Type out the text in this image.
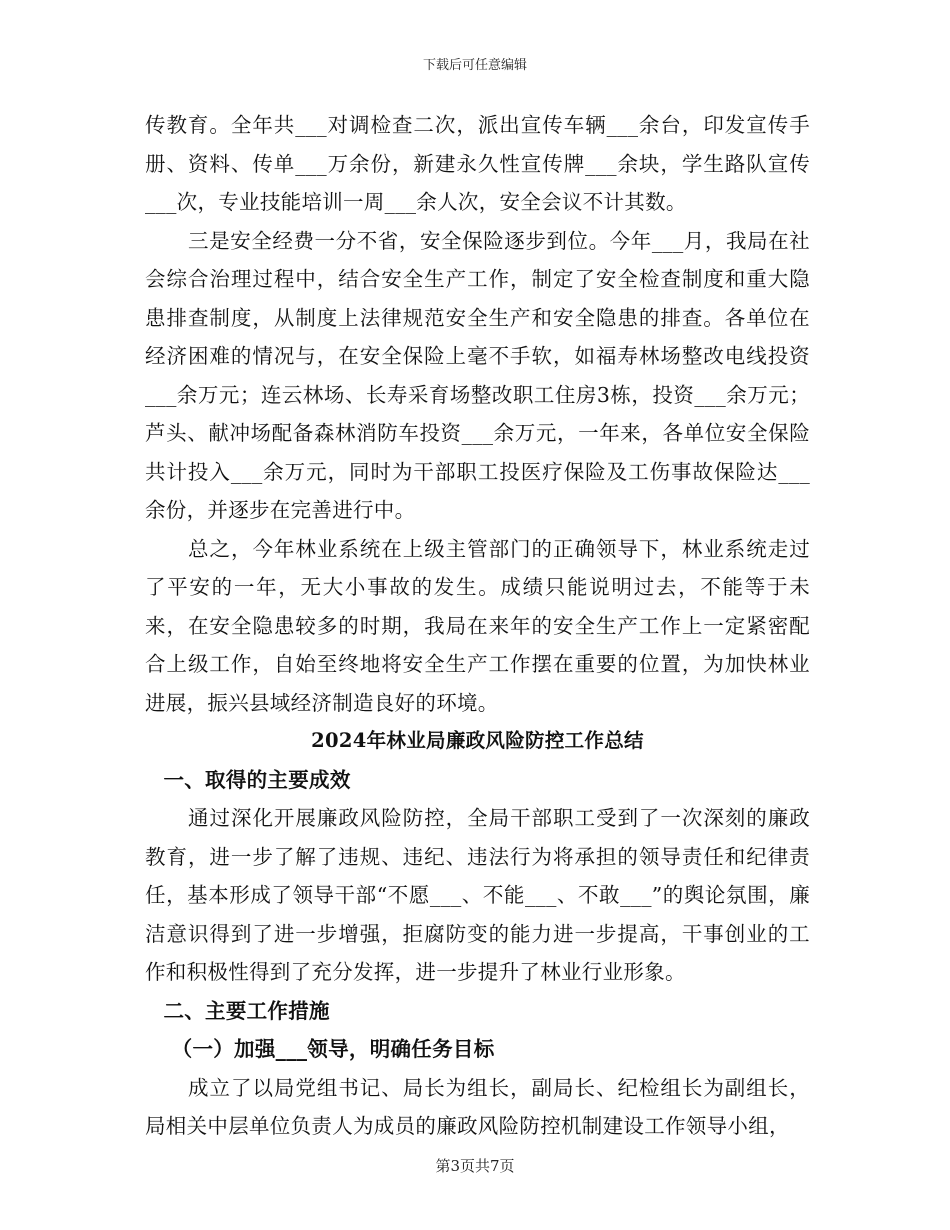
下载后可任意编辑

传教育。全年共___对调检查二次，派出宣传车辆___余台，印发宣传手册、资料、传单___万余份，新建永久性宣传牌___余块，学生路队宣传___次，专业技能培训一周___余人次，安全会议不计其数。

三是安全经费一分不省，安全保险逐步到位。今年___月，我局在社会综合治理过程中，结合安全生产工作，制定了安全检查制度和重大隐患排查制度，从制度上法律规范安全生产和安全隐患的排查。各单位在经济困难的情况与，在安全保险上毫不手软，如福寿林场整改电线投资___余万元；连云林场、长寿采育场整改职工住房3栋，投资___余万元；芦头、献冲场配备森林消防车投资___余万元，一年来，各单位安全保险共计投入___余万元，同时为干部职工投医疗保险及工伤事故保险达___余份，并逐步在完善进行中。

总之，今年林业系统在上级主管部门的正确领导下，林业系统走过了平安的一年，无大小事故的发生。成绩只能说明过去，不能等于未来，在安全隐患较多的时期，我局在来年的安全生产工作上一定紧密配合上级工作，自始至终地将安全生产工作摆在重要的位置，为加快林业进展，振兴县域经济制造良好的环境。

2024年林业局廉政风险防控工作总结

一、取得的主要成效

通过深化开展廉政风险防控，全局干部职工受到了一次深刻的廉政教育，进一步了解了违规、违纪、违法行为将承担的领导责任和纪律责任，基本形成了领导干部“不愿___、不能___、不敢___”的舆论氛围，廉洁意识得到了进一步增强，拒腐防变的能力进一步提高，干事创业的工作和积极性得到了充分发挥，进一步提升了林业行业形象。

二、主要工作措施

（一）加强___领导，明确任务目标

成立了以局党组书记、局长为组长，副局长、纪检组长为副组长，局相关中层单位负责人为成员的廉政风险防控机制建设工作领导小组，

第3页共7页
